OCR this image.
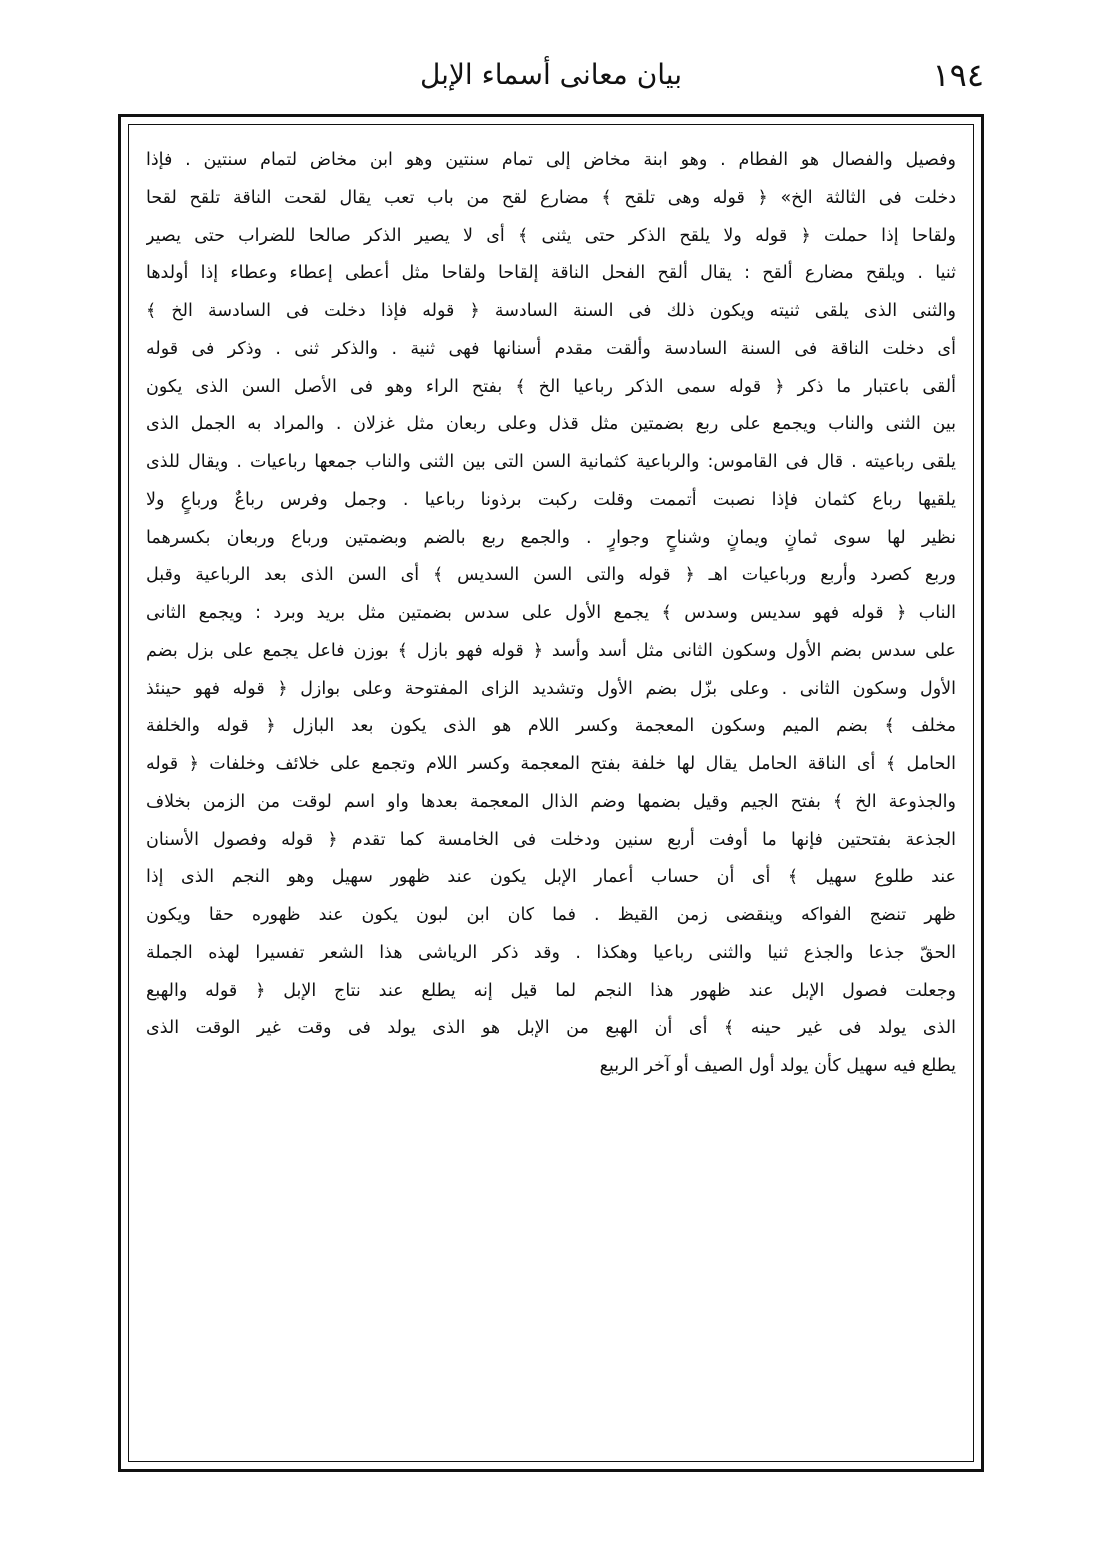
١٩٤
بيان معانى أسماء الإبل
وفصيل والفصال هو الفطام . وهو ابنة مخاض إلى تمام سنتين وهو ابن مخاض لتمام سنتين . فإذا
دخلت فى الثالثة الخ» ﴿ قوله وهى تلقح ﴾ مضارع لقح من باب تعب يقال لقحت الناقة تلقح لقحا
ولقاحا إذا حملت ﴿ قوله ولا يلقح الذكر حتى يثنى ﴾ أى لا يصير الذكر صالحا للضراب حتى يصير
ثنيا . ويلقح مضارع ألقح : يقال ألقح الفحل الناقة إلقاحا ولقاحا مثل أعطى إعطاء وعطاء إذا أولدها
والثنى الذى يلقى ثنيته ويكون ذلك فى السنة السادسة ﴿ قوله فإذا دخلت فى السادسة الخ ﴾
أى دخلت الناقة فى السنة السادسة وألقت مقدم أسنانها فهى ثنية . والذكر ثنى . وذكر فى قوله
ألقى باعتبار ما ذكر ﴿ قوله سمى الذكر رباعيا الخ ﴾ بفتح الراء وهو فى الأصل السن الذى يكون
بين الثنى والناب ويجمع على ربع بضمتين مثل قذل وعلى ربعان مثل غزلان . والمراد به الجمل الذى
يلقى رباعيته . قال فى القاموس: والرباعية كثمانية السن التى بين الثنى والناب جمعها رباعيات . ويقال للذى
يلقيها رباع كثمان فإذا نصبت أتممت وقلت ركبت برذونا رباعيا . وجمل وفرس رباعٌ ورباعٍ ولا
نظير لها سوى ثمانٍ ويمانٍ وشناحٍ وجوارٍ . والجمع ربع بالضم وبضمتين ورباع وربعان بكسرهما
وربع كصرد وأربع ورباعيات اهـ ﴿ قوله والتى السن السديس ﴾ أى السن الذى بعد الرباعية وقبل
الناب ﴿ قوله فهو سديس وسدس ﴾ يجمع الأول على سدس بضمتين مثل بريد وبرد : ويجمع الثانى
على سدس بضم الأول وسكون الثانى مثل أسد وأسد ﴿ قوله فهو بازل ﴾ بوزن فاعل يجمع على بزل بضم
الأول وسكون الثانى . وعلى بزّل بضم الأول وتشديد الزاى المفتوحة وعلى بوازل ﴿ قوله فهو حينئذ
مخلف ﴾ بضم الميم وسكون المعجمة وكسر اللام هو الذى يكون بعد البازل ﴿ قوله والخلفة
الحامل ﴾ أى الناقة الحامل يقال لها خلفة بفتح المعجمة وكسر اللام وتجمع على خلائف وخلفات ﴿ قوله
والجذوعة الخ ﴾ بفتح الجيم وقيل بضمها وضم الذال المعجمة بعدها واو اسم لوقت من الزمن بخلاف
الجذعة بفتحتين فإنها ما أوفت أربع سنين ودخلت فى الخامسة كما تقدم ﴿ قوله وفصول الأسنان
عند طلوع سهيل ﴾ أى أن حساب أعمار الإبل يكون عند ظهور سهيل وهو النجم الذى إذا
ظهر تنضج الفواكه وينقضى زمن القيظ . فما كان ابن لبون يكون عند ظهوره حقا ويكون
الحقّ جذعا والجذع ثنيا والثنى رباعيا وهكذا . وقد ذكر الرياشى هذا الشعر تفسيرا لهذه الجملة
وجعلت فصول الإبل عند ظهور هذا النجم لما قيل إنه يطلع عند نتاج الإبل ﴿ قوله والهبع
الذى يولد فى غير حينه ﴾ أى أن الهبع من الإبل هو الذى يولد فى وقت غير الوقت الذى
يطلع فيه سهيل كأن يولد أول الصيف أو آخر الربيع
